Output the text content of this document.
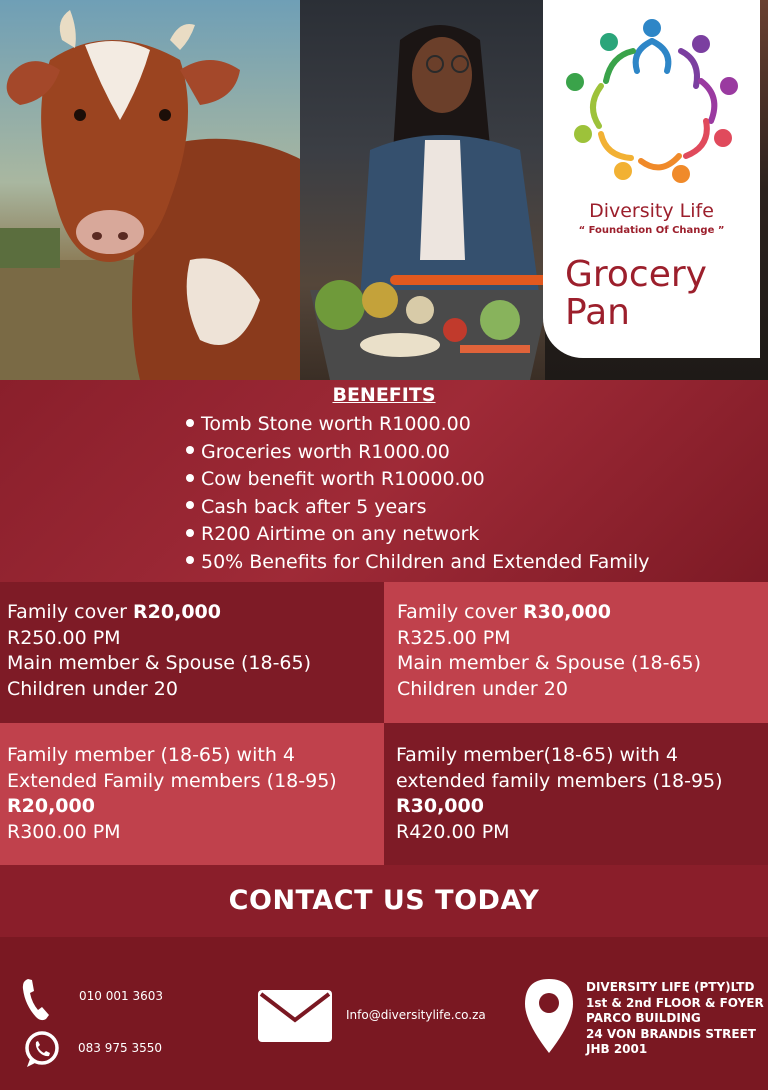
Diversity Life
“ Foundation Of Change ”
Grocery
Pan
BENEFITS
Tomb Stone worth R1000.00
Groceries worth R1000.00
Cow benefit worth R10000.00
Cash back after 5 years
R200 Airtime on any network
50% Benefits for Children and Extended Family
Family cover R20,000
R250.00 PM
Main member & Spouse (18-65)
Children under 20
Family cover R30,000
R325.00 PM
Main member & Spouse (18-65)
Children under 20
Family member (18-65) with 4
Extended Family members (18-95)
R20,000
R300.00 PM
Family member(18-65) with 4
extended family members (18-95)
R30,000
R420.00 PM
CONTACT US TODAY
010 001 3603
083 975 3550
Info@diversitylife.co.za
DIVERSITY LIFE (PTY)LTD
1st & 2nd FLOOR & FOYER
PARCO BUILDING
24 VON BRANDIS STREET
JHB 2001
